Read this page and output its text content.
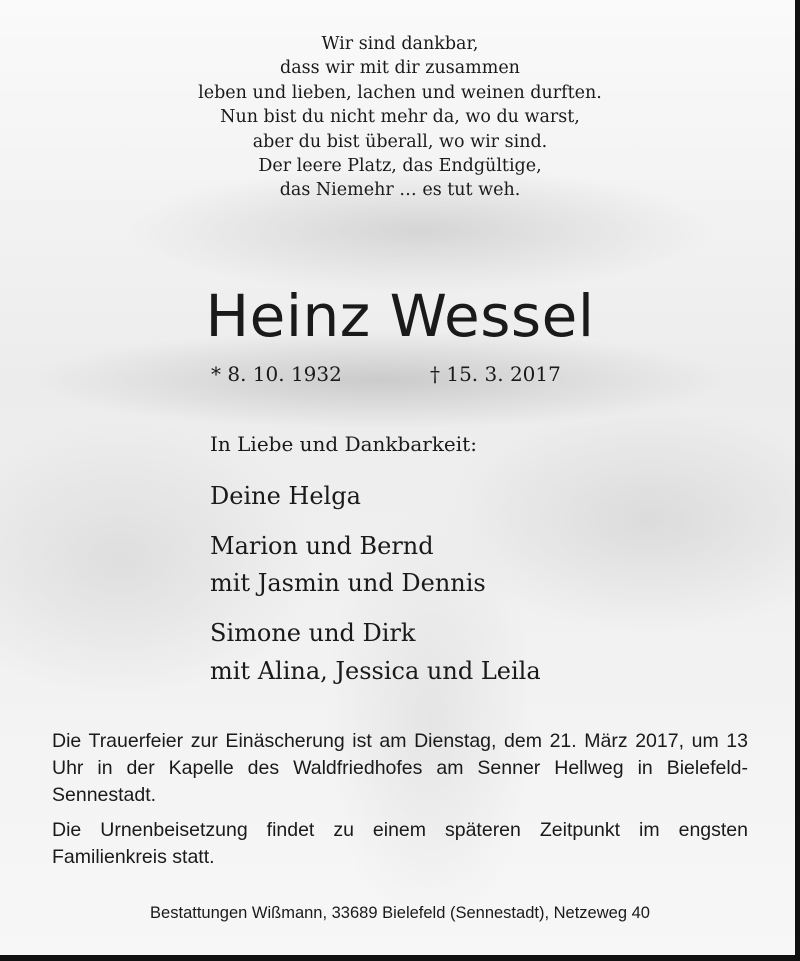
Wir sind dankbar,
dass wir mit dir zusammen
leben und lieben, lachen und weinen durften.
Nun bist du nicht mehr da, wo du warst,
aber du bist überall, wo wir sind.
Der leere Platz, das Endgültige,
das Niemehr … es tut weh.
Heinz Wessel
* 8. 10. 1932	† 15. 3. 2017
In Liebe und Dankbarkeit:
Deine Helga
Marion und Bernd
mit Jasmin und Dennis
Simone und Dirk
mit Alina, Jessica und Leila
Die Trauerfeier zur Einäscherung ist am Dienstag, dem 21. März 2017, um 13 Uhr in der Kapelle des Waldfriedhofes am Senner Hellweg in Bielefeld-Sennestadt.
Die Urnenbeisetzung findet zu einem späteren Zeitpunkt im engsten Familienkreis statt.
Bestattungen Wißmann, 33689 Bielefeld (Sennestadt), Netzeweg 40
